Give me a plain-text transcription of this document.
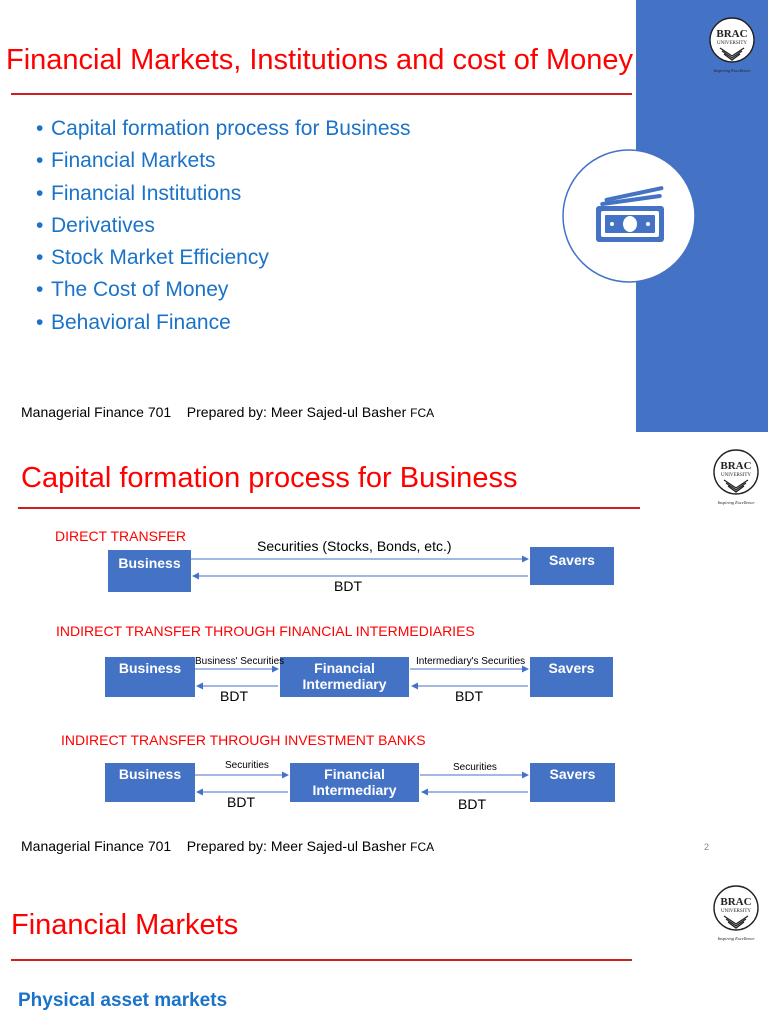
Financial Markets, Institutions and cost of Money
• Capital formation process for Business
• Financial Markets
• Financial Institutions
• Derivatives
• Stock Market Efficiency
• The Cost of Money
• Behavioral Finance
BRAC
UNIVERSITY
Inspiring Excellence
Managerial Finance 701 Prepared by: Meer Sajed-ul Basher FCA
Capital formation process for Business	BRAC
UNIVERSITY
Inspiring Excellence
DIRECT TRANSFER
Business	Savers
Securities (Stocks, Bonds, etc.)
BDT
INDIRECT TRANSFER THROUGH FINANCIAL INTERMEDIARIES
Business	Financial Intermediary
Savers
Business' Securities	Intermediary's Securities
BDT	BDT
INDIRECT TRANSFER THROUGH INVESTMENT BANKS
Business	Financial Intermediary
Savers
Securities	Securities
BDT	BDT
Managerial Finance 701 Prepared by: Meer Sajed-ul Basher FCA	2
Financial Markets
BRAC
UNIVERSITY
Inspiring Excellence
Physical asset markets
